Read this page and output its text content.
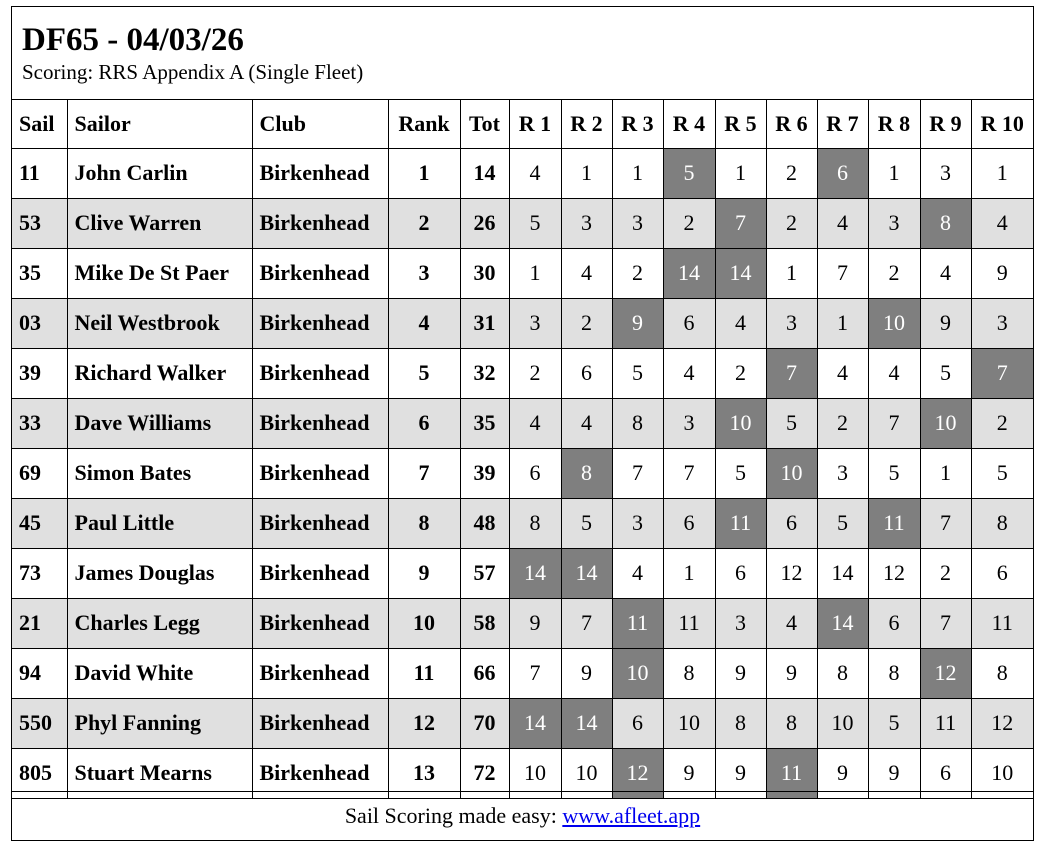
DF65 - 04/03/26
Scoring: RRS Appendix A (Single Fleet)
Sail	Sailor	Club	Rank	Tot	R 1	R 2	R 3	R 4	R 5	R 6	R 7	R 8	R 9	R 10
11	John Carlin	Birkenhead	1	14	4	1	1	5	1	2	6	1	3	1
53	Clive Warren	Birkenhead	2	26	5	3	3	2	7	2	4	3	8	4
35	Mike De St Paer	Birkenhead	3	30	1	4	2	14	14	1	7	2	4	9
03	Neil Westbrook	Birkenhead	4	31	3	2	9	6	4	3	1	10	9	3
39	Richard Walker	Birkenhead	5	32	2	6	5	4	2	7	4	4	5	7
33	Dave Williams	Birkenhead	6	35	4	4	8	3	10	5	2	7	10	2
69	Simon Bates	Birkenhead	7	39	6	8	7	7	5	10	3	5	1	5
45	Paul Little	Birkenhead	8	48	8	5	3	6	11	6	5	11	7	8
73	James Douglas	Birkenhead	9	57	14	14	4	1	6	12	14	12	2	6
21	Charles Legg	Birkenhead	10	58	9	7	11	11	3	4	14	6	7	11
94	David White	Birkenhead	11	66	7	9	10	8	9	9	8	8	12	8
550	Phyl Fanning	Birkenhead	12	70	14	14	6	10	8	8	10	5	11	12
805	Stuart Mearns	Birkenhead	13	72	10	10	12	9	9	11	9	9	6	10
Sail Scoring made easy: www.afleet.app
